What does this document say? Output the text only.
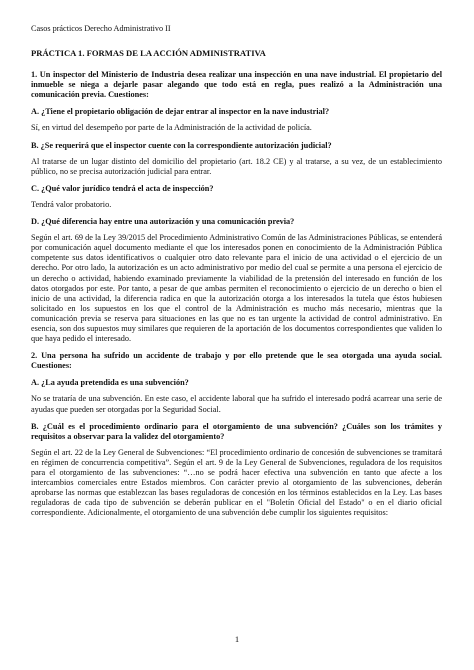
Casos prácticos Derecho Administrativo II

PRÁCTICA 1. FORMAS DE LA ACCIÓN ADMINISTRATIVA

1. Un inspector del Ministerio de Industria desea realizar una inspección en una nave industrial. El propietario del inmueble se niega a dejarle pasar alegando que todo está en regla, pues realizó a la Administración una comunicación previa. Cuestiones:

A. ¿Tiene el propietario obligación de dejar entrar al inspector en la nave industrial?

Sí, en virtud del desempeño por parte de la Administración de la actividad de policía.

B. ¿Se requerirá que el inspector cuente con la correspondiente autorización judicial?

Al tratarse de un lugar distinto del domicilio del propietario (art. 18.2 CE) y al tratarse, a su vez, de un establecimiento público, no se precisa autorización judicial para entrar.

C. ¿Qué valor jurídico tendrá el acta de inspección?

Tendrá valor probatorio.

D. ¿Qué diferencia hay entre una autorización y una comunicación previa?

Según el art. 69 de la Ley 39/2015 del Procedimiento Administrativo Común de las Administraciones Públicas, se entenderá por comunicación aquel documento mediante el que los interesados ponen en conocimiento de la Administración Pública competente sus datos identificativos o cualquier otro dato relevante para el inicio de una actividad o el ejercicio de un derecho. Por otro lado, la autorización es un acto administrativo por medio del cual se permite a una persona el ejercicio de un derecho o actividad, habiendo examinado previamente la viabilidad de la pretensión del interesado en función de los datos otorgados por este. Por tanto, a pesar de que ambas permiten el reconocimiento o ejercicio de un derecho o bien el inicio de una actividad, la diferencia radica en que la autorización otorga a los interesados la tutela que éstos hubiesen solicitado en los supuestos en los que el control de la Administración es mucho más necesario, mientras que la comunicación previa se reserva para situaciones en las que no es tan urgente la actividad de control administrativo. En esencia, son dos supuestos muy similares que requieren de la aportación de los documentos correspondientes que validen lo que haya pedido el interesado.

2. Una persona ha sufrido un accidente de trabajo y por ello pretende que le sea otorgada una ayuda social. Cuestiones:

A. ¿La ayuda pretendida es una subvención?

No se trataría de una subvención. En este caso, el accidente laboral que ha sufrido el interesado podrá acarrear una serie de ayudas que pueden ser otorgadas por la Seguridad Social.

B. ¿Cuál es el procedimiento ordinario para el otorgamiento de una subvención? ¿Cuáles son los trámites y requisitos a observar para la validez del otorgamiento?

Según el art. 22 de la Ley General de Subvenciones: “El procedimiento ordinario de concesión de subvenciones se tramitará en régimen de concurrencia competitiva”. Según el art. 9 de la Ley General de Subvenciones, reguladora de los requisitos para el otorgamiento de las subvenciones: “…no se podrá hacer efectiva una subvención en tanto que afecte a los intercambios comerciales entre Estados miembros. Con carácter previo al otorgamiento de las subvenciones, deberán aprobarse las normas que establezcan las bases reguladoras de concesión en los términos establecidos en la Ley. Las bases reguladoras de cada tipo de subvención se deberán publicar en el "Boletín Oficial del Estado" o en el diario oficial correspondiente. Adicionalmente, el otorgamiento de una subvención debe cumplir los siguientes requisitos:

1
